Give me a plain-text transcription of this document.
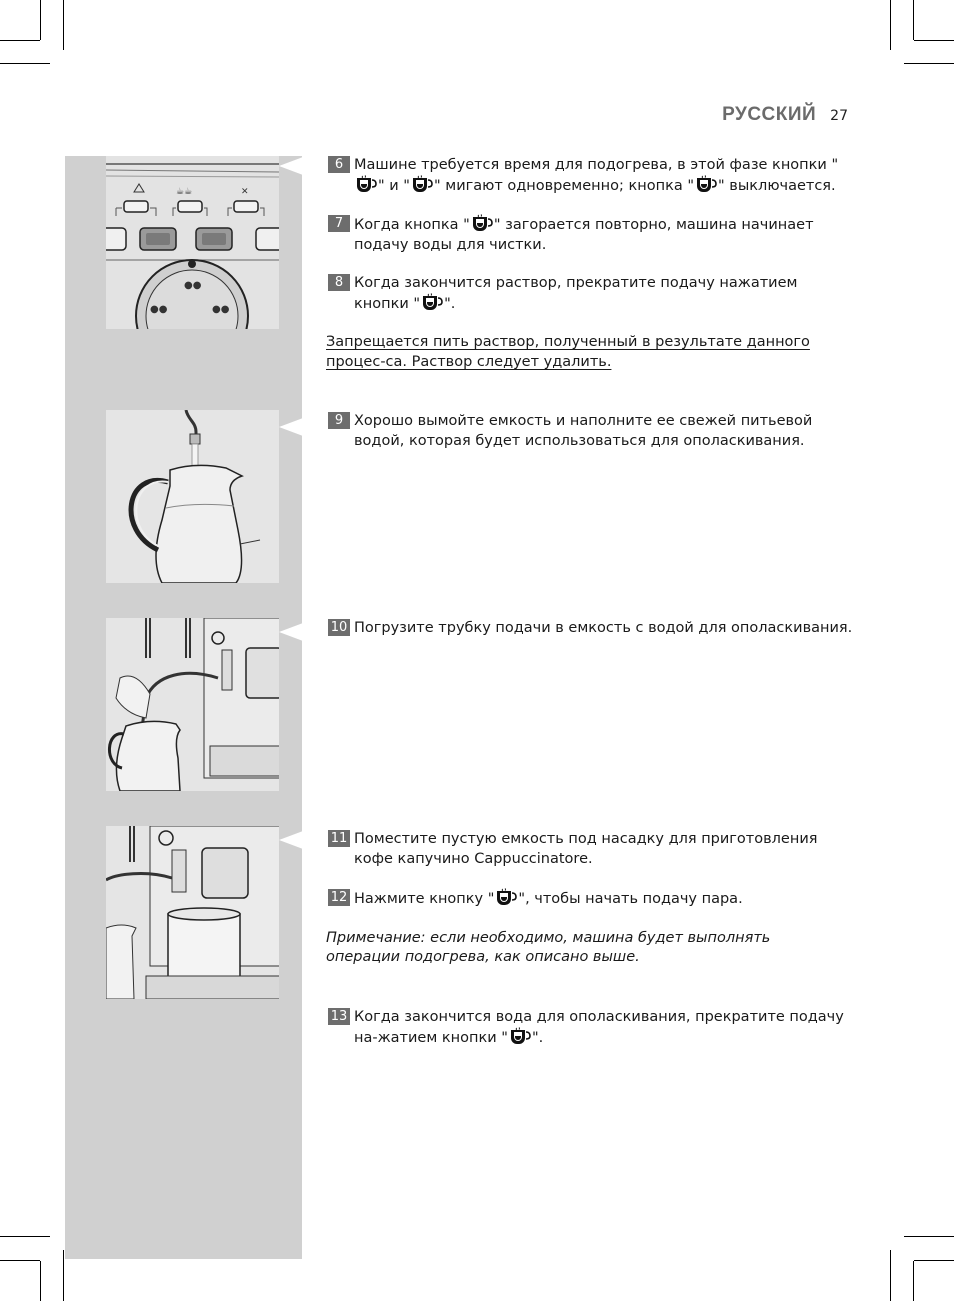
РУССКИЙ 27
☕☕	✕
●●
●●	●●
6 Машине требуется время для подогрева, в этой фазе кнопки "" и " " мигают одновременно; кнопка " " выключается.
7 Когда кнопка " " загорается повторно, машина начинает подачу воды для чистки.
8 Когда закончится раствор, прекратите подачу нажатием кнопки " ".
Запрещается пить раствор, полученный в результате данного процес-са. Раствор следует удалить.
9 Хорошо вымойте емкость и наполните ее свежей питьевой водой, которая будет использоваться для ополаскивания.
10 Погрузите трубку подачи в емкость с водой для ополаскивания.
11 Поместите пустую емкость под насадку для приготовления кофе капучино Cappuccinatore.
12 Нажмите кнопку " ", чтобы начать подачу пара.
Примечание: если необходимо, машина будет выполнять операции подогрева, как описано выше.
13 Когда закончится вода для ополаскивания, прекратите подачу на-жатием кнопки " ".
